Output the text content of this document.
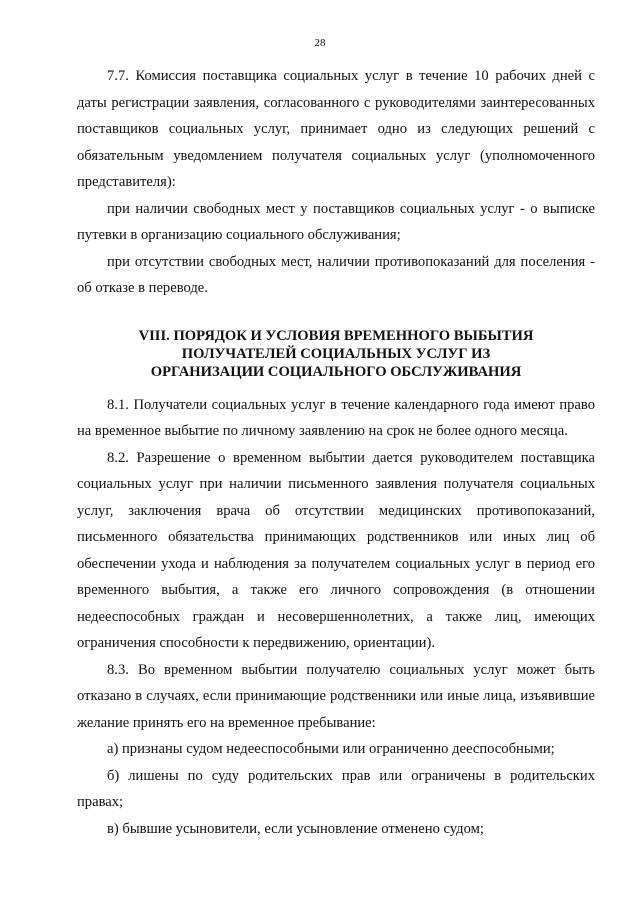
28

7.7. Комиссия поставщика социальных услуг в течение 10 рабочих дней с даты регистрации заявления, согласованного с руководителями заинтересованных поставщиков социальных услуг, принимает одно из следующих решений с обязательным уведомлением получателя социальных услуг (уполномоченного представителя):

при наличии свободных мест у поставщиков социальных услуг - о выписке путевки в организацию социального обслуживания;

при отсутствии свободных мест, наличии противопоказаний для поселения - об отказе в переводе.

VIII. ПОРЯДОК И УСЛОВИЯ ВРЕМЕННОГО ВЫБЫТИЯ
ПОЛУЧАТЕЛЕЙ СОЦИАЛЬНЫХ УСЛУГ ИЗ
ОРГАНИЗАЦИИ СОЦИАЛЬНОГО ОБСЛУЖИВАНИЯ

8.1. Получатели социальных услуг в течение календарного года имеют право на временное выбытие по личному заявлению на срок не более одного месяца.

8.2. Разрешение о временном выбытии дается руководителем поставщика социальных услуг при наличии письменного заявления получателя социальных услуг, заключения врача об отсутствии медицинских противопоказаний, письменного обязательства принимающих родственников или иных лиц об обеспечении ухода и наблюдения за получателем социальных услуг в период его временного выбытия, а также его личного сопровождения (в отношении недееспособных граждан и несовершеннолетних, а также лиц, имеющих ограничения способности к передвижению, ориентации).

8.3. Во временном выбытии получателю социальных услуг может быть отказано в случаях, если принимающие родственники или иные лица, изъявившие желание принять его на временное пребывание:

а) признаны судом недееспособными или ограниченно дееспособными;

б) лишены по суду родительских прав или ограничены в родительских правах;

в) бывшие усыновители, если усыновление отменено судом;
